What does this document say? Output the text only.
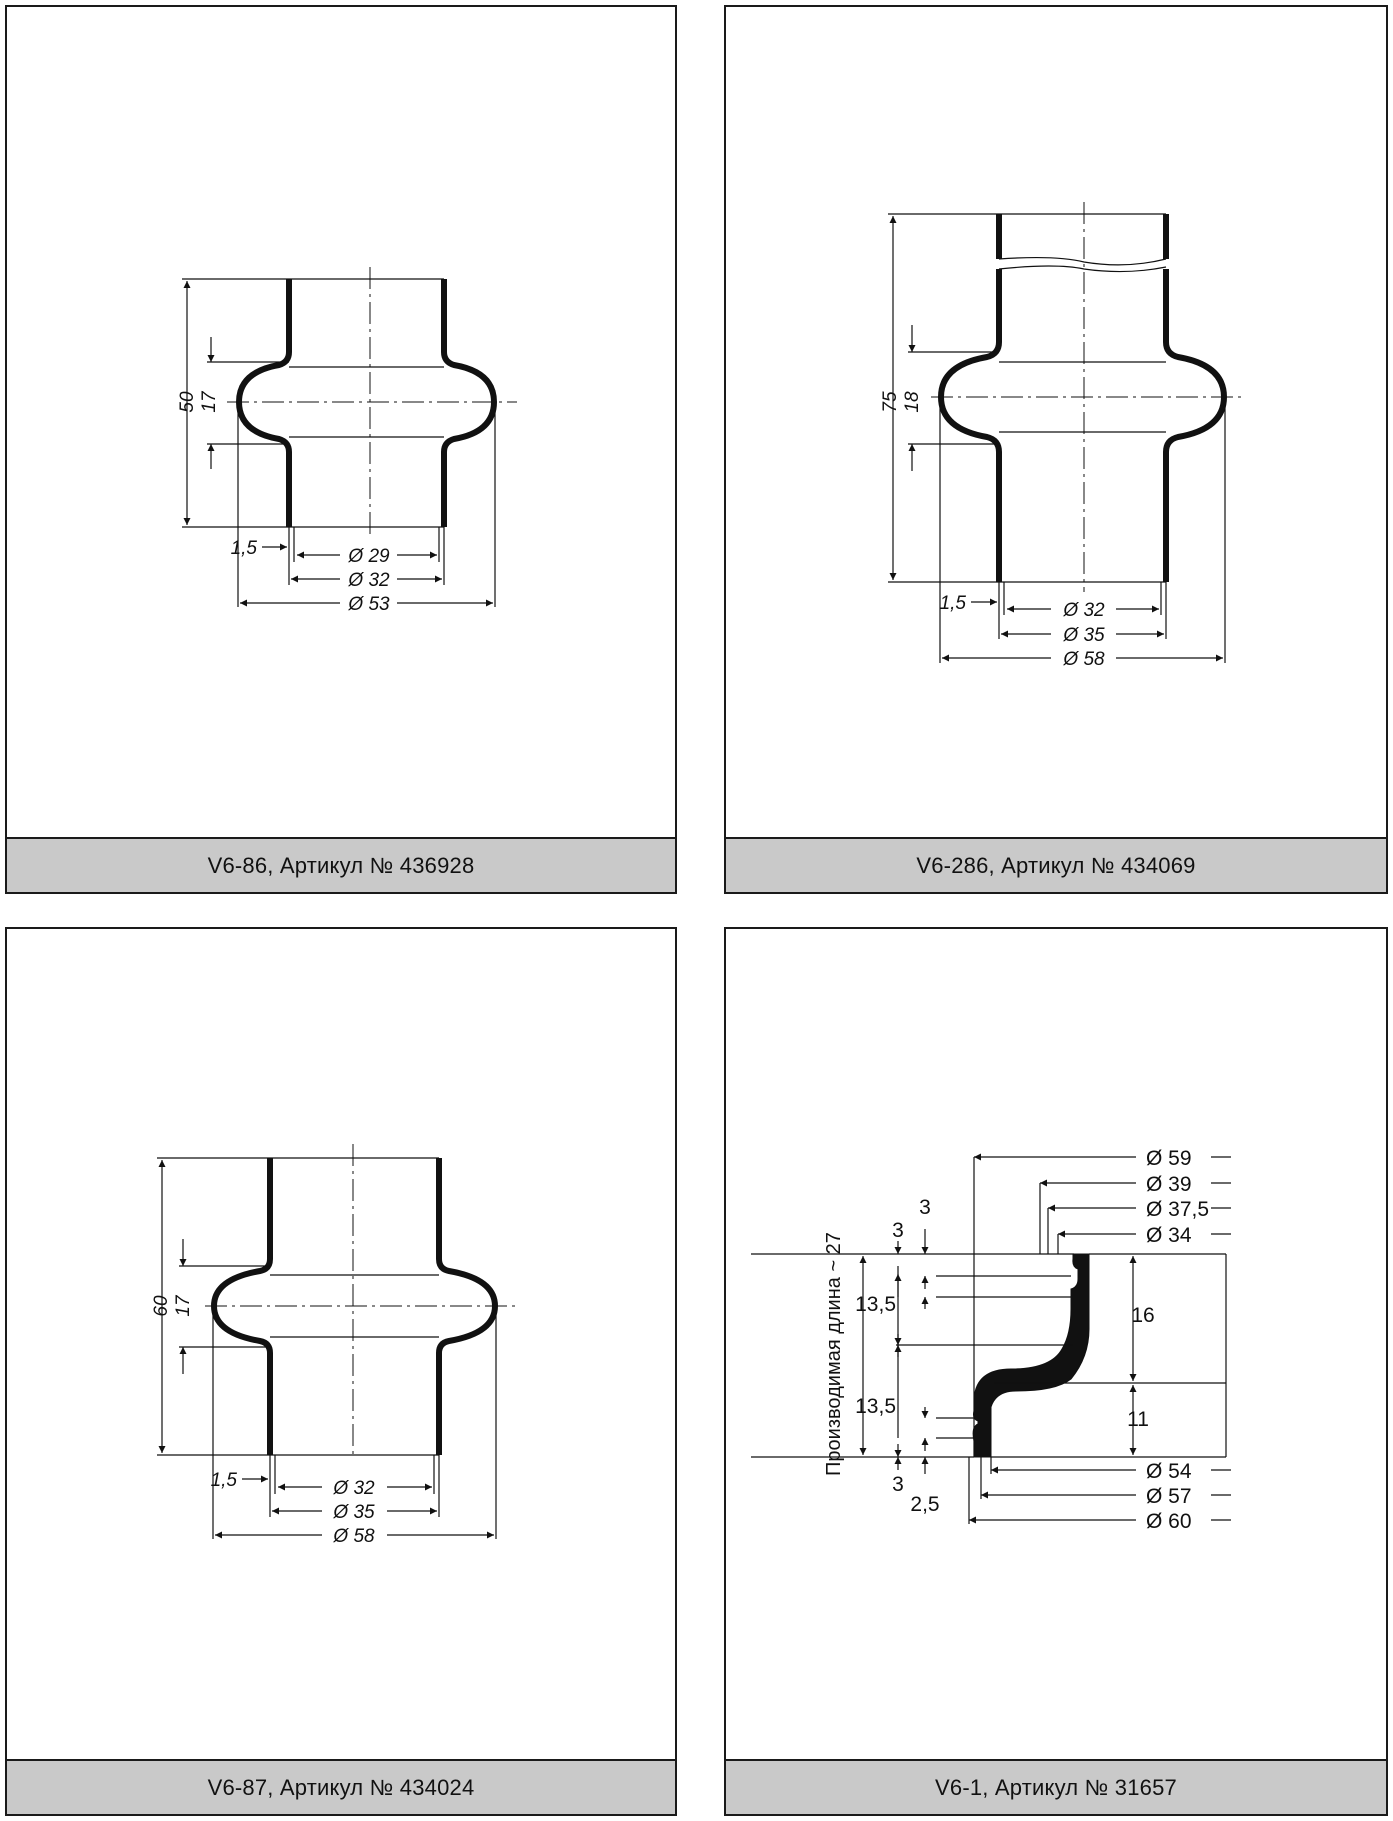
50 17
1,5	Ø 29
Ø 32
Ø 53
V6-86, Артикул № 436928
75 18
1,5	Ø 32
Ø 35
Ø 58
V6-286, Артикул № 434069
60 17
1,5	Ø 32
Ø 35
Ø 58
V6-87, Артикул № 434024
Производимая длина ~ 27
3
3
13,5
13,5
3
2,5
16
11
Ø 59
Ø 39
Ø 37,5
Ø 34
Ø 54
Ø 57
Ø 60
V6-1, Артикул № 31657
